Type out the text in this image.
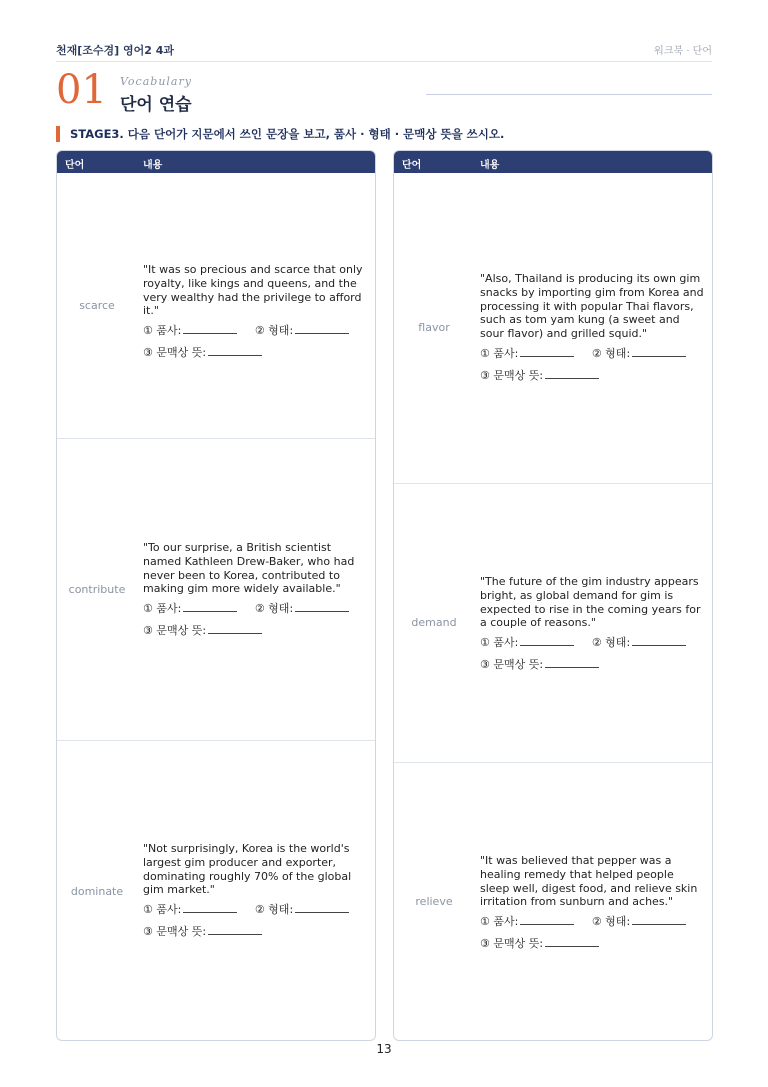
천재[조수경] 영어2 4과	워크북 · 단어
01 Vocabulary
단어 연습
STAGE3. 다음 단어가 지문에서 쓰인 문장을 보고, 품사 · 형태 · 문맥상 뜻을 쓰시오.
단어	내용
scarce
"It was so precious and scarce that only royalty, like kings and queens, and the very wealthy had the privilege to afford it."
① 품사:	② 형태:
③ 문맥상 뜻:
contribute
"To our surprise, a British scientist named Kathleen Drew-Baker, who had never been to Korea, contributed to making gim more widely available."
① 품사:	② 형태:
③ 문맥상 뜻:
dominate
"Not surprisingly, Korea is the world's largest gim producer and exporter, dominating roughly 70% of the global gim market."
① 품사:	② 형태:
③ 문맥상 뜻:
단어	내용
flavor
"Also, Thailand is producing its own gim snacks by importing gim from Korea and processing it with popular Thai flavors, such as tom yam kung (a sweet and sour flavor) and grilled squid."
① 품사:	② 형태:
③ 문맥상 뜻:
demand
"The future of the gim industry appears bright, as global demand for gim is expected to rise in the coming years for a couple of reasons."
① 품사:	② 형태:
③ 문맥상 뜻:
relieve
"It was believed that pepper was a healing remedy that helped people sleep well, digest food, and relieve skin irritation from sunburn and aches."
① 품사:	② 형태:
③ 문맥상 뜻:
13
